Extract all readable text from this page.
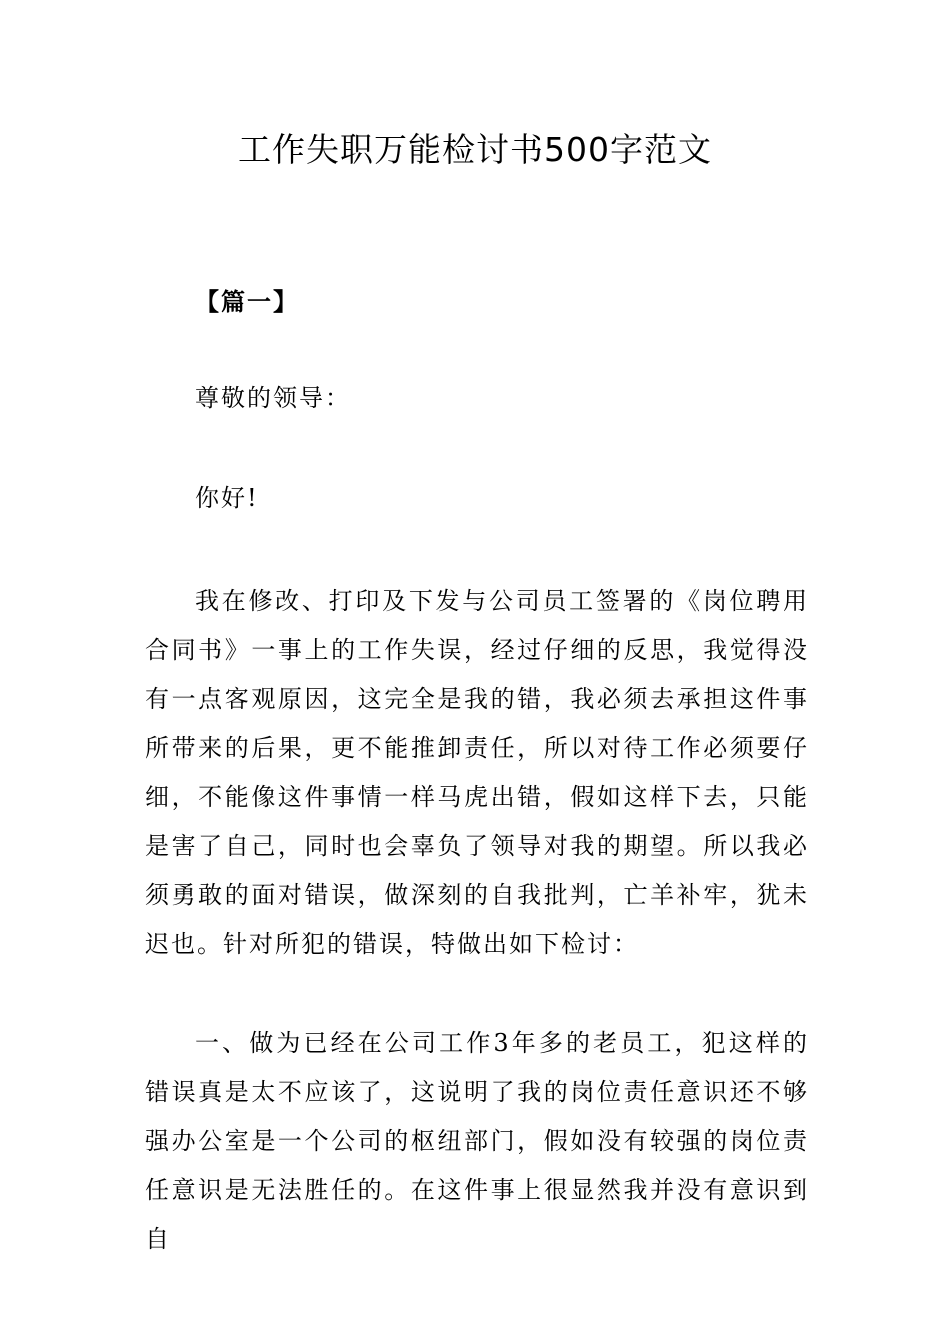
工作失职万能检讨书500字范文

【篇一】

尊敬的领导：

你好!

我在修改、打印及下发与公司员工签署的《岗位聘用合同书》一事上的工作失误，经过仔细的反思，我觉得没有一点客观原因，这完全是我的错，我必须去承担这件事所带来的后果，更不能推卸责任，所以对待工作必须要仔细，不能像这件事情一样马虎出错，假如这样下去，只能是害了自己，同时也会辜负了领导对我的期望。所以我必须勇敢的面对错误，做深刻的自我批判，亡羊补牢，犹未迟也。针对所犯的错误，特做出如下检讨：

一、做为已经在公司工作3年多的老员工，犯这样的错误真是太不应该了，这说明了我的岗位责任意识还不够强办公室是一个公司的枢纽部门，假如没有较强的岗位责任意识是无法胜任的。在这件事上很显然我并没有意识到自
